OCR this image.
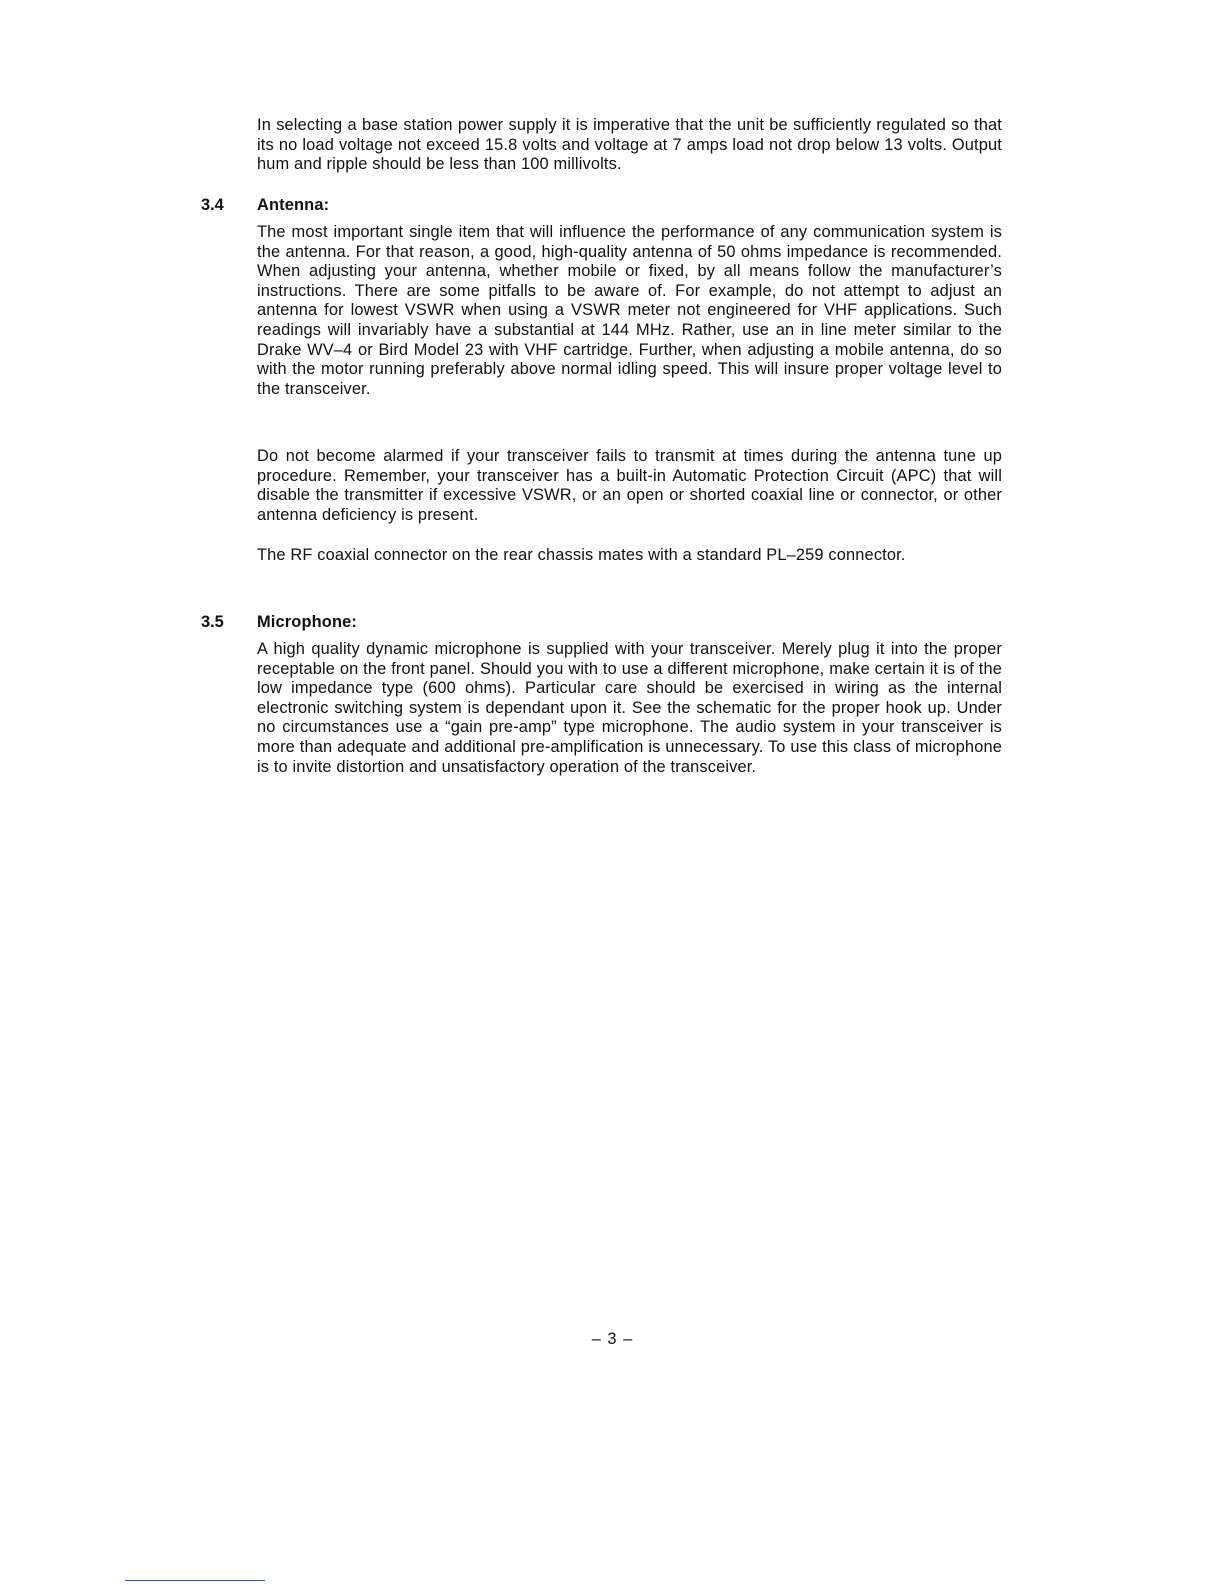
In selecting a base station power supply it is imperative that the unit be sufficiently regulated so that its no load voltage not exceed 15.8 volts and voltage at 7 amps load not drop below 13 volts. Output hum and ripple should be less than 100 millivolts.

3.4 Antenna:

The most important single item that will influence the performance of any communication system is the antenna. For that reason, a good, high-quality antenna of 50 ohms impedance is recommended. When adjusting your antenna, whether mobile or fixed, by all means follow the manufacturer’s instructions. There are some pitfalls to be aware of. For example, do not attempt to adjust an antenna for lowest VSWR when using a VSWR meter not engineered for VHF applications. Such readings will invariably have a substantial at 144 MHz. Rather, use an in line meter similar to the Drake WV–4 or Bird Model 23 with VHF cartridge. Further, when adjusting a mobile antenna, do so with the motor running preferably above normal idling speed. This will insure proper voltage level to the transceiver.

Do not become alarmed if your transceiver fails to transmit at times during the antenna tune up procedure. Remember, your transceiver has a built-in Automatic Protection Circuit (APC) that will disable the transmitter if excessive VSWR, or an open or shorted coaxial line or connector, or other antenna deficiency is present.

The RF coaxial connector on the rear chassis mates with a standard PL–259 connector.

3.5 Microphone:

A high quality dynamic microphone is supplied with your transceiver. Merely plug it into the proper receptable on the front panel. Should you with to use a different microphone, make certain it is of the low impedance type (600 ohms). Particular care should be exercised in wiring as the internal electronic switching system is dependant upon it. See the schematic for the proper hook up. Under no circumstances use a “gain pre-amp” type microphone. The audio system in your transceiver is more than adequate and additional pre-amplification is unnecessary. To use this class of microphone is to invite distortion and unsatisfactory operation of the transceiver.

– 3 –
